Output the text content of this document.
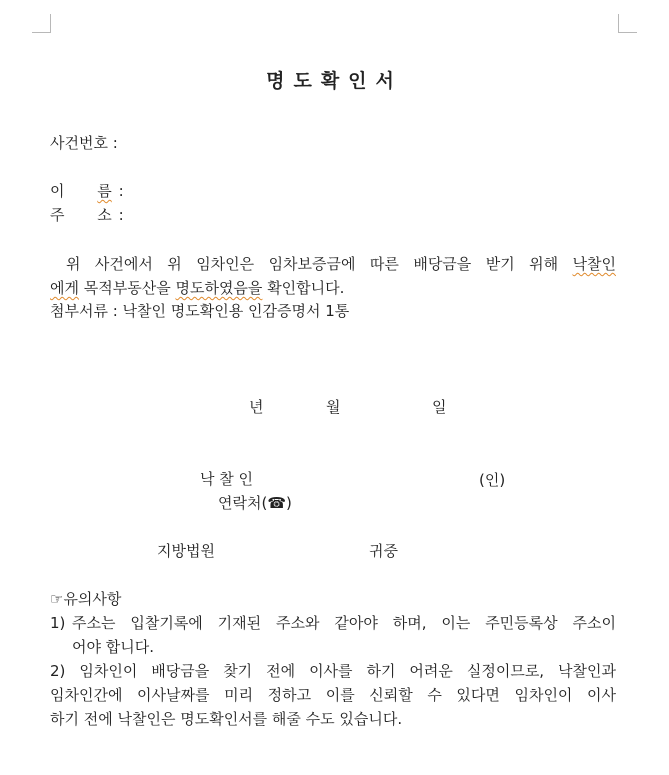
명도확인서
사건번호 :
이 름 :
주 소 :
위 사건에서 위 임차인은 임차보증금에 따른 배당금을 받기 위해 낙찰인
에게 목적부동산을 명도하였음을 확인합니다.
첨부서류 : 낙찰인 명도확인용 인감증명서 1통
년	월	일
낙 찰 인	(인)
연락처(☎)
지방법원	귀중
☞유의사항
1) 주소는 입찰기록에 기재된 주소와 같아야 하며, 이는 주민등록상 주소이
어야 합니다.
2) 임차인이 배당금을 찾기 전에 이사를 하기 어려운 실정이므로, 낙찰인과
임차인간에 이사날짜를 미리 정하고 이를 신뢰할 수 있다면 임차인이 이사
하기 전에 낙찰인은 명도확인서를 해줄 수도 있습니다.
